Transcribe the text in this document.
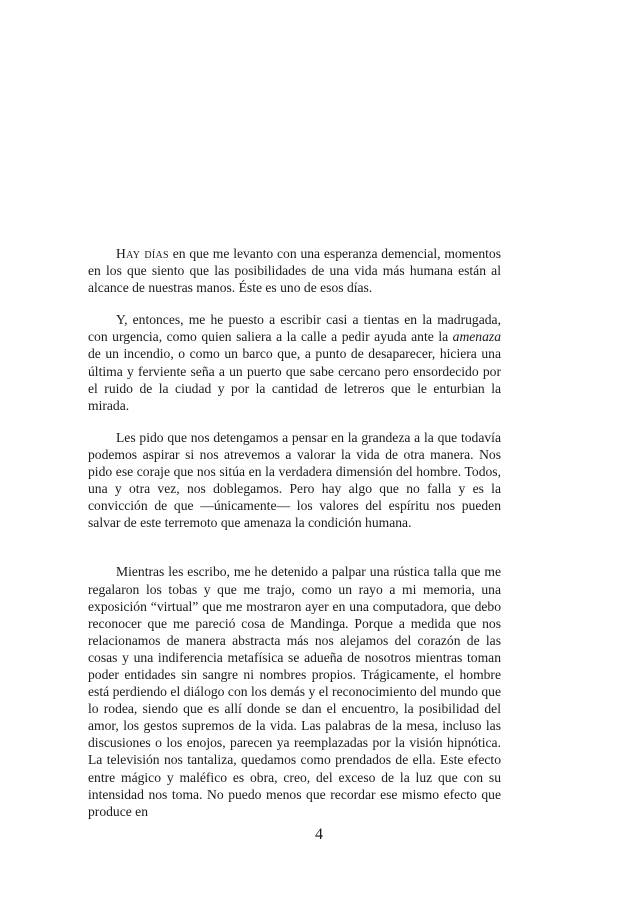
Hay días en que me levanto con una esperanza demencial, momentos en los que siento que las posibilidades de una vida más humana están al alcance de nuestras manos. Éste es uno de esos días.

Y, entonces, me he puesto a escribir casi a tientas en la madrugada, con urgencia, como quien saliera a la calle a pedir ayuda ante la amenaza de un incendio, o como un barco que, a punto de desaparecer, hiciera una última y ferviente seña a un puerto que sabe cercano pero ensordecido por el ruido de la ciudad y por la cantidad de letreros que le enturbian la mirada.

Les pido que nos detengamos a pensar en la grandeza a la que todavía podemos aspirar si nos atrevemos a valorar la vida de otra manera. Nos pido ese coraje que nos sitúa en la verdadera dimensión del hombre. Todos, una y otra vez, nos doblegamos. Pero hay algo que no falla y es la convicción de que —únicamente— los valores del espíritu nos pueden salvar de este terremoto que amenaza la condición humana.

Mientras les escribo, me he detenido a palpar una rústica talla que me regalaron los tobas y que me trajo, como un rayo a mi memoria, una exposición “virtual” que me mostraron ayer en una computadora, que debo reconocer que me pareció cosa de Mandinga. Porque a medida que nos relacionamos de manera abstracta más nos alejamos del corazón de las cosas y una indiferencia metafísica se adueña de nosotros mientras toman poder entidades sin sangre ni nombres propios. Trágicamente, el hombre está perdiendo el diálogo con los demás y el reconocimiento del mundo que lo rodea, siendo que es allí donde se dan el encuentro, la posibilidad del amor, los gestos supremos de la vida. Las palabras de la mesa, incluso las discusiones o los enojos, parecen ya reemplazadas por la visión hipnótica. La televisión nos tantaliza, quedamos como prendados de ella. Este efecto entre mágico y maléfico es obra, creo, del exceso de la luz que con su intensidad nos toma. No puedo menos que recordar ese mismo efecto que produce en

4
